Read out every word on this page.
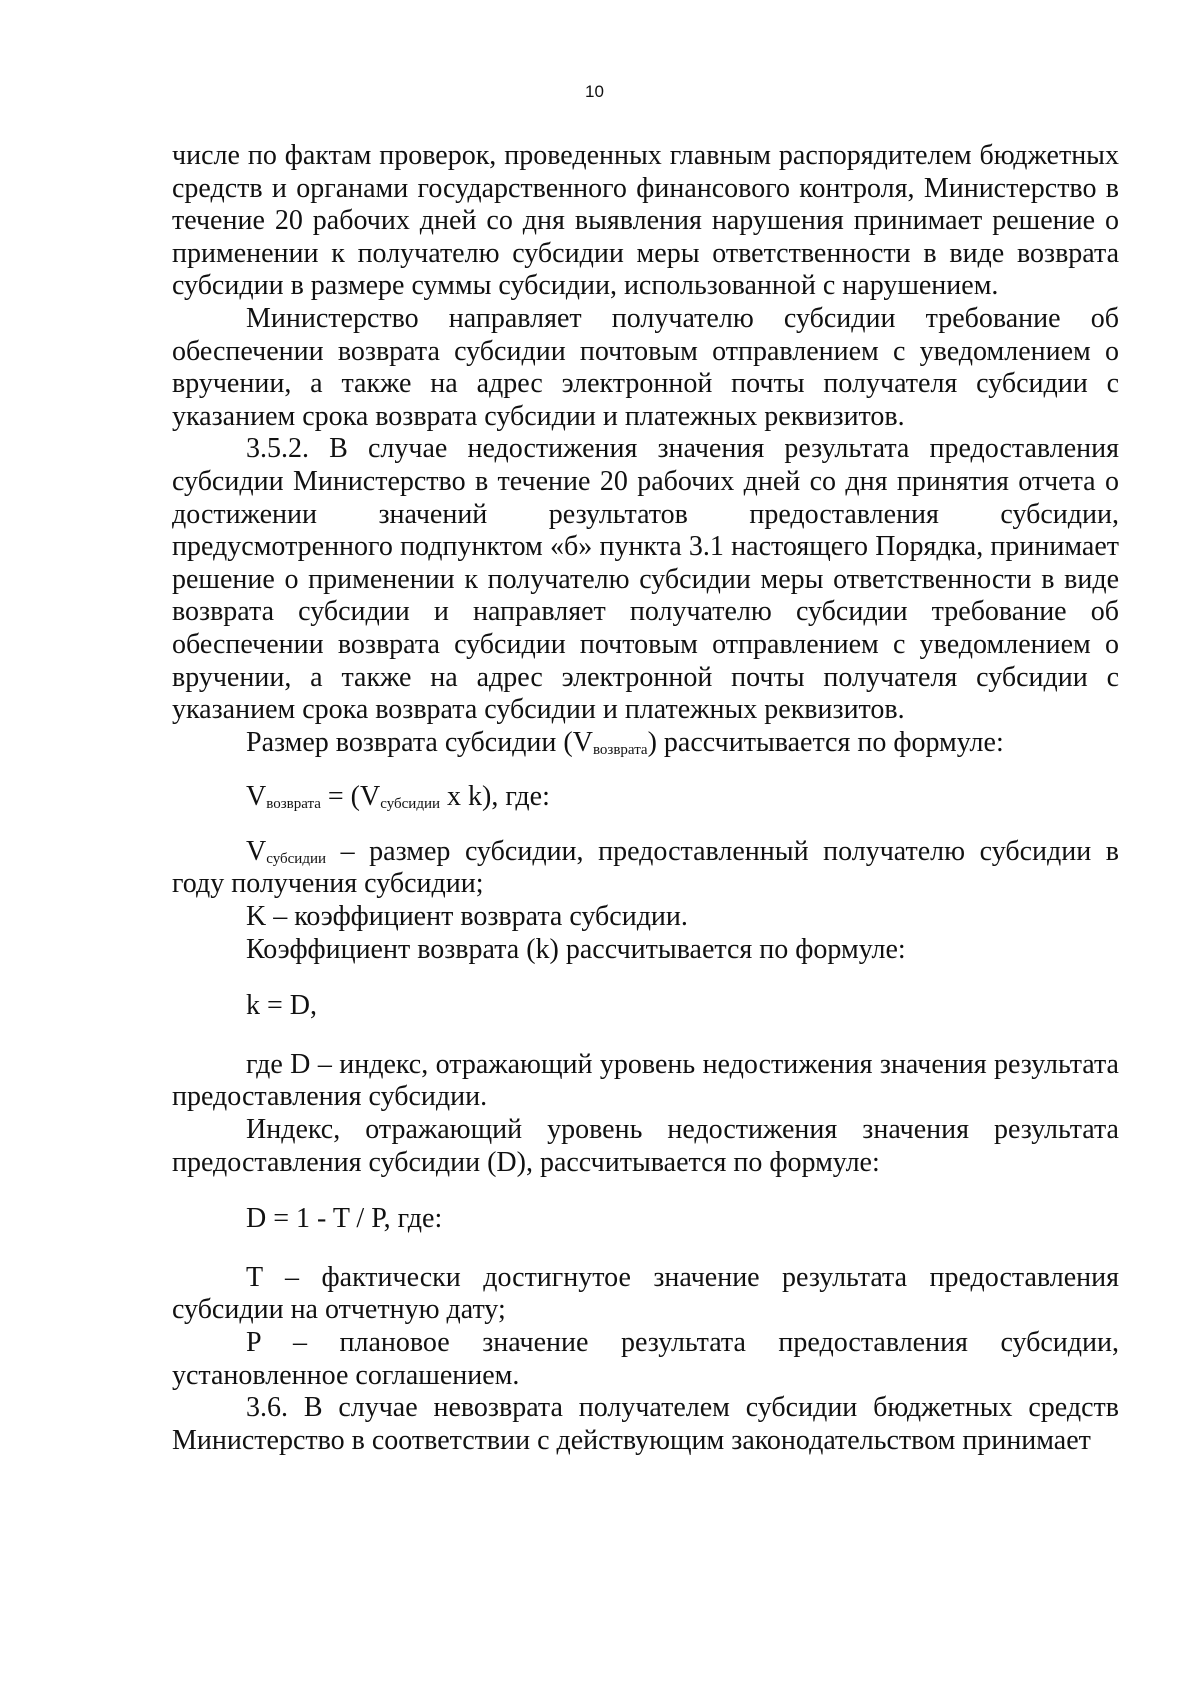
10

числе по фактам проверок, проведенных главным распорядителем бюджетных средств и органами государственного финансового контроля, Министерство в течение 20 рабочих дней со дня выявления нарушения принимает решение о применении к получателю субсидии меры ответственности в виде возврата субсидии в размере суммы субсидии, использованной с нарушением.

Министерство направляет получателю субсидии требование об обеспечении возврата субсидии почтовым отправлением с уведомлением о вручении, а также на адрес электронной почты получателя субсидии с указанием срока возврата субсидии и платежных реквизитов.

3.5.2. В случае недостижения значения результата предоставления субсидии Министерство в течение 20 рабочих дней со дня принятия отчета о достижении значений результатов предоставления субсидии, предусмотренного подпунктом «б» пункта 3.1 настоящего Порядка, принимает решение о применении к получателю субсидии меры ответственности в виде возврата субсидии и направляет получателю субсидии требование об обеспечении возврата субсидии почтовым отправлением с уведомлением о вручении, а также на адрес электронной почты получателя субсидии с указанием срока возврата субсидии и платежных реквизитов.

Размер возврата субсидии $(V_{возврата})$ рассчитывается по формуле:

$V_{возврата} = (V_{субсидии}$ x k), где:

$V_{субсидии}$ – размер субсидии, предоставленный получателю субсидии в году получения субсидии;

K – коэффициент возврата субсидии.

Коэффициент возврата (k) рассчитывается по формуле:

k = D,

где D – индекс, отражающий уровень недостижения значения результата предоставления субсидии.

Индекс, отражающий уровень недостижения значения результата предоставления субсидии (D), рассчитывается по формуле:

D = 1 - T / P, где:

T – фактически достигнутое значение результата предоставления субсидии на отчетную дату;

P – плановое значение результата предоставления субсидии, установленное соглашением.

3.6. В случае невозврата получателем субсидии бюджетных средств Министерство в соответствии с действующим законодательством принимает
